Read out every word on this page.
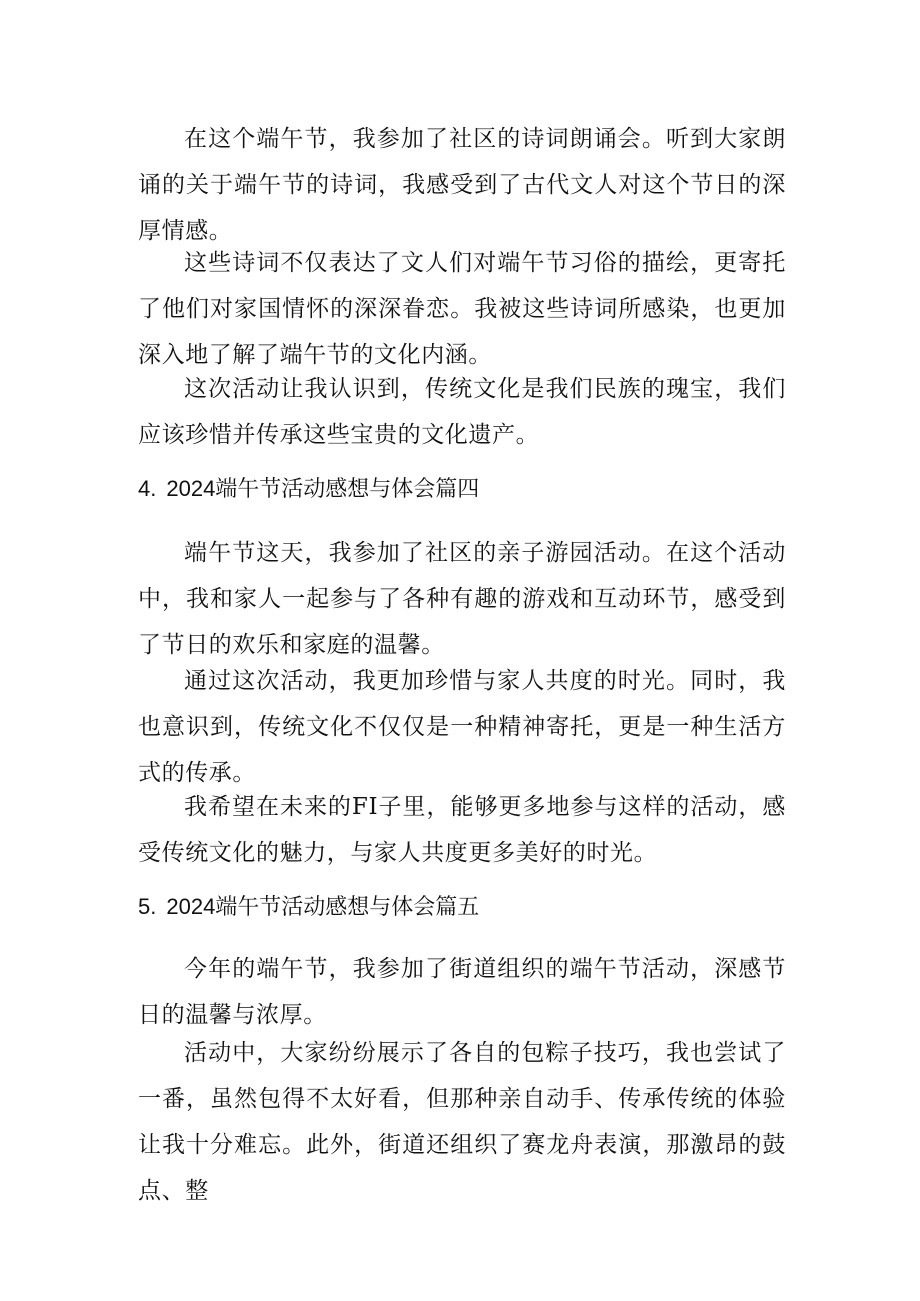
在这个端午节，我参加了社区的诗词朗诵会。听到大家朗诵的关于端午节的诗词，我感受到了古代文人对这个节日的深厚情感。

这些诗词不仅表达了文人们对端午节习俗的描绘，更寄托了他们对家国情怀的深深眷恋。我被这些诗词所感染，也更加深入地了解了端午节的文化内涵。

这次活动让我认识到，传统文化是我们民族的瑰宝，我们应该珍惜并传承这些宝贵的文化遗产。

4. 2024端午节活动感想与体会篇四

端午节这天，我参加了社区的亲子游园活动。在这个活动中，我和家人一起参与了各种有趣的游戏和互动环节，感受到了节日的欢乐和家庭的温馨。

通过这次活动，我更加珍惜与家人共度的时光。同时，我也意识到，传统文化不仅仅是一种精神寄托，更是一种生活方式的传承。

我希望在未来的FI子里，能够更多地参与这样的活动，感受传统文化的魅力，与家人共度更多美好的时光。

5. 2024端午节活动感想与体会篇五

今年的端午节，我参加了街道组织的端午节活动，深感节日的温馨与浓厚。

活动中，大家纷纷展示了各自的包粽子技巧，我也尝试了一番，虽然包得不太好看，但那种亲自动手、传承传统的体验让我十分难忘。此外，街道还组织了赛龙舟表演，那激昂的鼓点、整
